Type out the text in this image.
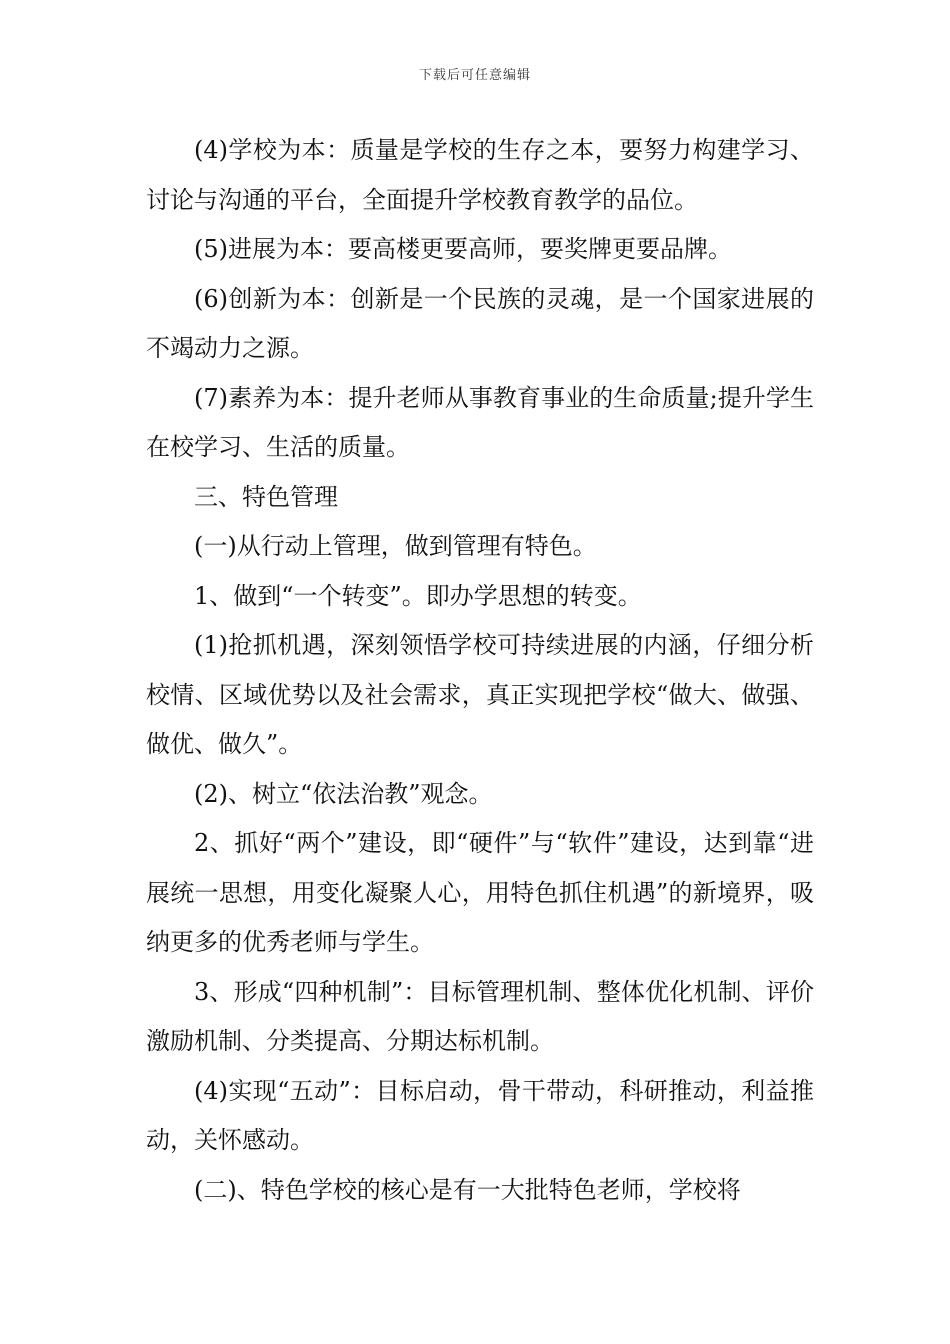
下载后可任意编辑

(4)学校为本：质量是学校的生存之本，要努力构建学习、讨论与沟通的平台，全面提升学校教育教学的品位。

(5)进展为本：要高楼更要高师，要奖牌更要品牌。

(6)创新为本：创新是一个民族的灵魂，是一个国家进展的不竭动力之源。

(7)素养为本：提升老师从事教育事业的生命质量;提升学生在校学习、生活的质量。

三、特色管理

(一)从行动上管理，做到管理有特色。

1、做到“一个转变”。即办学思想的转变。

(1)抢抓机遇，深刻领悟学校可持续进展的内涵，仔细分析校情、区域优势以及社会需求，真正实现把学校“做大、做强、做优、做久”。

(2)、树立“依法治教”观念。

2、抓好“两个”建设，即“硬件”与“软件”建设，达到靠“进展统一思想，用变化凝聚人心，用特色抓住机遇”的新境界，吸纳更多的优秀老师与学生。

3、形成“四种机制”：目标管理机制、整体优化机制、评价激励机制、分类提高、分期达标机制。

(4)实现“五动”：目标启动，骨干带动，科研推动，利益推动，关怀感动。

(二)、特色学校的核心是有一大批特色老师，学校将
